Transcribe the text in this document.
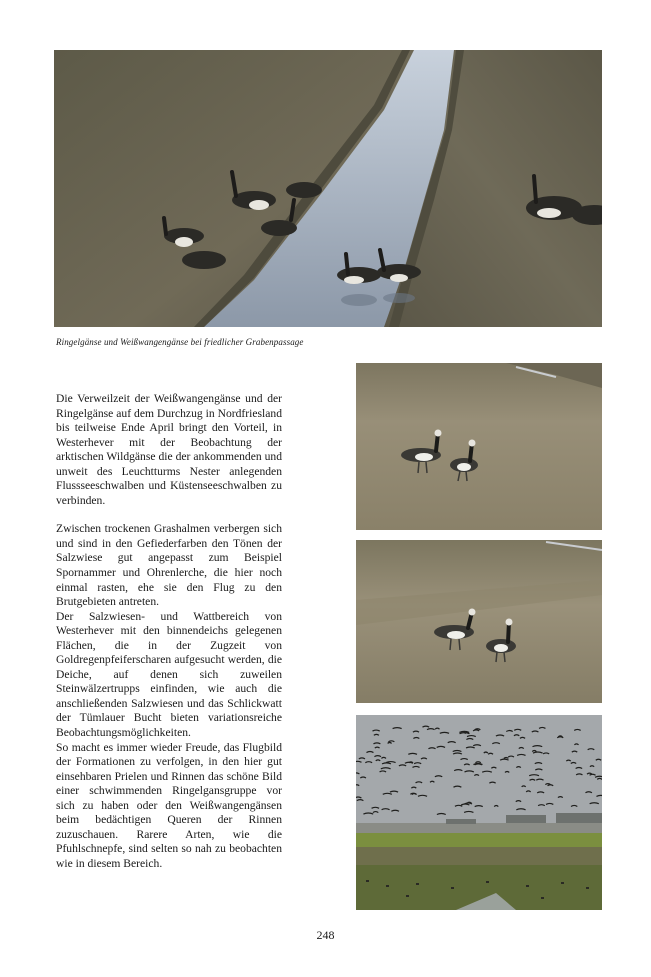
Ringelgänse und Weißwangengänse bei friedlicher Grabenpassage

Die Verweilzeit der Weißwangengänse und der Ringelgänse auf dem Durchzug in Nordfriesland bis teilweise Ende April bringt den Vorteil, in Westerhever mit der Beobachtung der arktischen Wildgänse die der ankommenden und unweit des Leuchtturms Nester anlegenden Flussseeschwalben und Küstenseeschwalben zu verbinden.

Zwischen trockenen Grashalmen verbergen sich und sind in den Gefiederfarben den Tönen der Salzwiese gut angepasst zum Beispiel Spornammer und Ohrenlerche, die hier noch einmal rasten, ehe sie den Flug zu den Brutgebieten antreten.

Der Salzwiesen- und Wattbereich von Westerhever mit den binnendeichs gelegenen Flächen, die in der Zugzeit von Goldregenpfeiferscharen aufgesucht werden, die Deiche, auf denen sich zuweilen Steinwälzertrupps einfinden, wie auch die anschließenden Salzwiesen und das Schlickwatt der Tümlauer Bucht bieten variationsreiche Beobachtungsmöglichkeiten.

So macht es immer wieder Freude, das Flugbild der Formationen zu verfolgen, in den hier gut einsehbaren Prielen und Rinnen das schöne Bild einer schwimmenden Ringelgansgruppe vor sich zu haben oder den Weißwangengänsen beim bedächtigen Queren der Rinnen zuzuschauen. Rarere Arten, wie die Pfuhlschnepfe, sind selten so nah zu beobachten wie in diesem Bereich.

248
